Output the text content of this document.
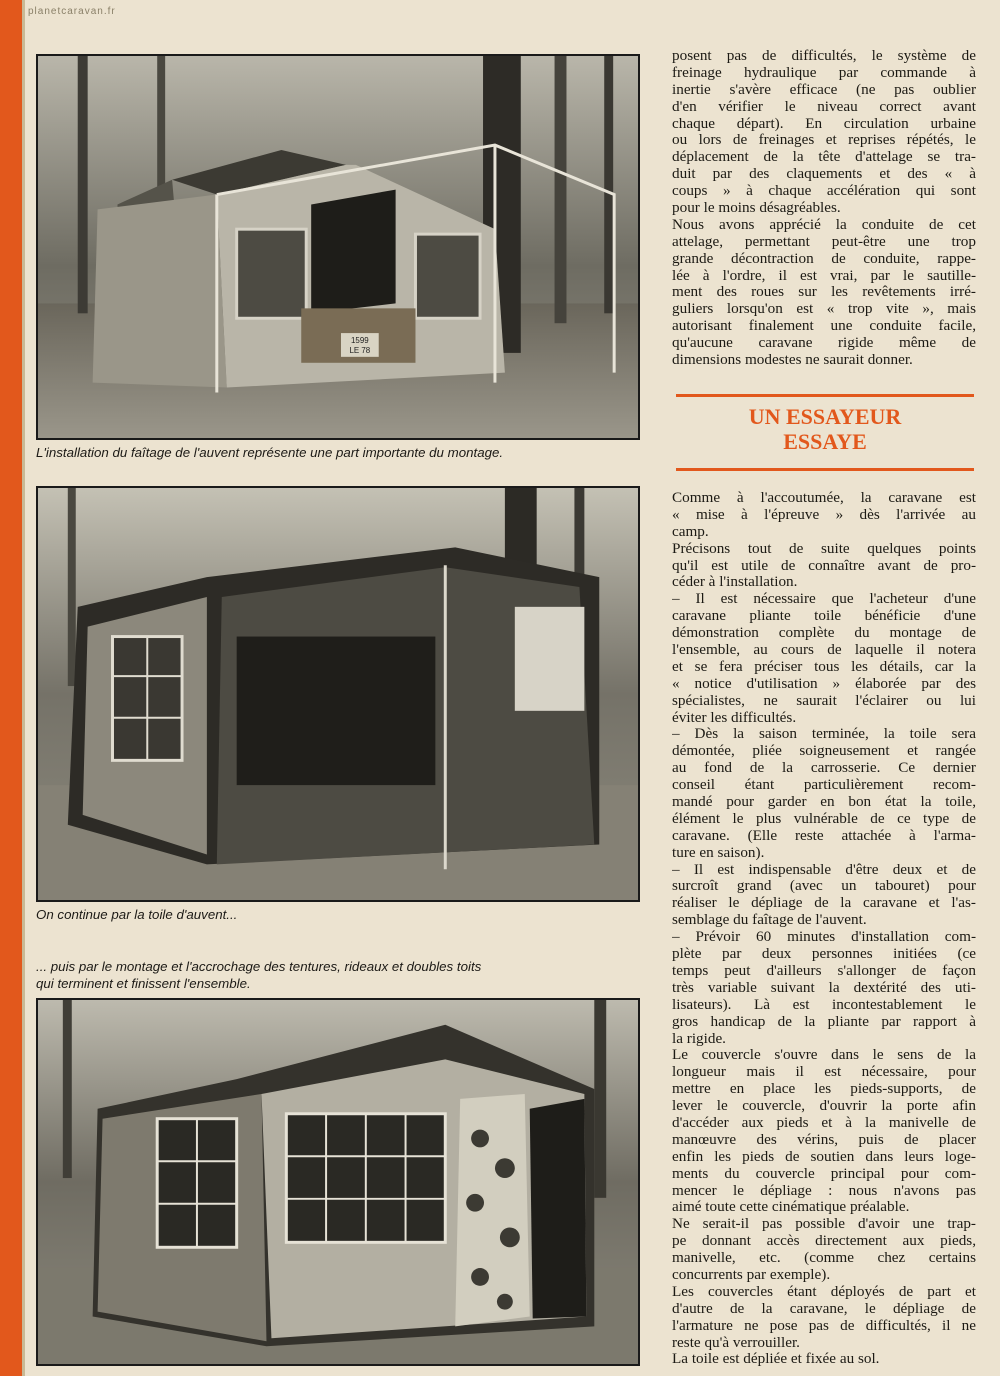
planetcaravan.fr
1599
LE 78
L'installation du faîtage de l'auvent représente une part importante du montage.
On continue par la toile d'auvent...
... puis par le montage et l'accrochage des tentures, rideaux et doubles toits
qui terminent et finissent l'ensemble.
posent pas de difficultés, le système de
freinage hydraulique par commande à
inertie s'avère efficace (ne pas oublier
d'en vérifier le niveau correct avant
chaque départ). En circulation urbaine
ou lors de freinages et reprises répétés, le
déplacement de la tête d'attelage se tra-
duit par des claquements et des « à
coups » à chaque accélération qui sont
pour le moins désagréables.
Nous avons apprécié la conduite de cet
attelage, permettant peut-être une trop
grande décontraction de conduite, rappe-
lée à l'ordre, il est vrai, par le sautille-
ment des roues sur les revêtements irré-
guliers lorsqu'on est « trop vite », mais
autorisant finalement une conduite facile,
qu'aucune caravane rigide même de
dimensions modestes ne saurait donner.
UN ESSAYEUR
ESSAYE
Comme à l'accoutumée, la caravane est
« mise à l'épreuve » dès l'arrivée au
camp.
Précisons tout de suite quelques points
qu'il est utile de connaître avant de pro-
céder à l'installation.
– Il est nécessaire que l'acheteur d'une
caravane pliante toile bénéficie d'une
démonstration complète du montage de
l'ensemble, au cours de laquelle il notera
et se fera préciser tous les détails, car la
« notice d'utilisation » élaborée par des
spécialistes, ne saurait l'éclairer ou lui
éviter les difficultés.
– Dès la saison terminée, la toile sera
démontée, pliée soigneusement et rangée
au fond de la carrosserie. Ce dernier
conseil étant particulièrement recom-
mandé pour garder en bon état la toile,
élément le plus vulnérable de ce type de
caravane. (Elle reste attachée à l'arma-
ture en saison).
– Il est indispensable d'être deux et de
surcroît grand (avec un tabouret) pour
réaliser le dépliage de la caravane et l'as-
semblage du faîtage de l'auvent.
– Prévoir 60 minutes d'installation com-
plète par deux personnes initiées (ce
temps peut d'ailleurs s'allonger de façon
très variable suivant la dextérité des uti-
lisateurs). Là est incontestablement le
gros handicap de la pliante par rapport à
la rigide.
Le couvercle s'ouvre dans le sens de la
longueur mais il est nécessaire, pour
mettre en place les pieds-supports, de
lever le couvercle, d'ouvrir la porte afin
d'accéder aux pieds et à la manivelle de
manœuvre des vérins, puis de placer
enfin les pieds de soutien dans leurs loge-
ments du couvercle principal pour com-
mencer le dépliage : nous n'avons pas
aimé toute cette cinématique préalable.
Ne serait-il pas possible d'avoir une trap-
pe donnant accès directement aux pieds,
manivelle, etc. (comme chez certains
concurrents par exemple).
Les couvercles étant déployés de part et
d'autre de la caravane, le dépliage de
l'armature ne pose pas de difficultés, il ne
reste qu'à verrouiller.
La toile est dépliée et fixée au sol.
